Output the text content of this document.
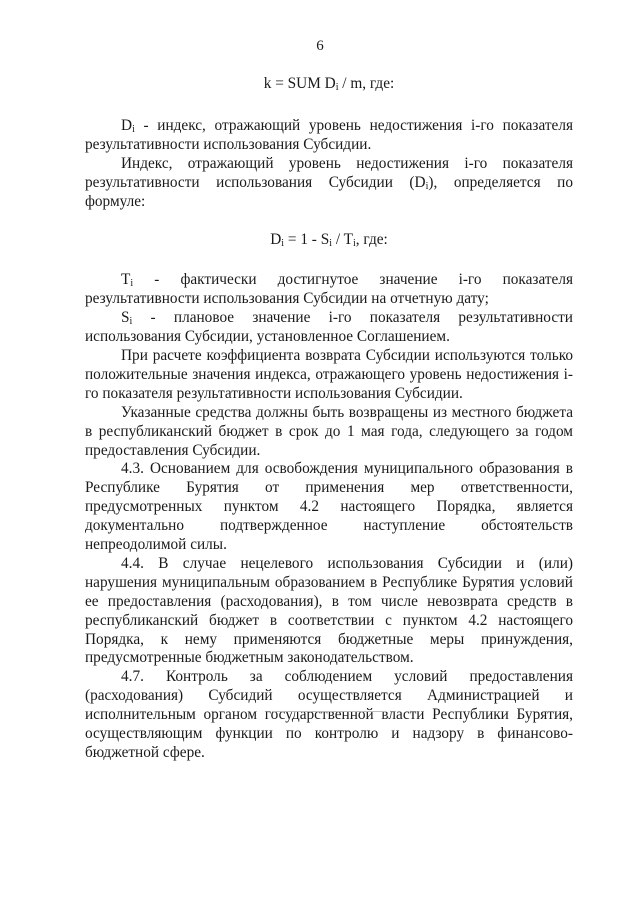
6
k = SUM $D_i$ / m, где:

$D_i$ - индекс, отражающий уровень недостижения i-го показателя результативности использования Субсидии.

Индекс, отражающий уровень недостижения i-го показателя результативности использования Субсидии $(D_i)$, определяется по формуле:

$D_i = 1 - S_i / T_i$, где:

$T_i$ - фактически достигнутое значение i-го показателя результативности использования Субсидии на отчетную дату;

$S_i$ - плановое значение i-го показателя результативности использования Субсидии, установленное Соглашением.

При расчете коэффициента возврата Субсидии используются только положительные значения индекса, отражающего уровень недостижения i-го показателя результативности использования Субсидии.

Указанные средства должны быть возвращены из местного бюджета в республиканский бюджет в срок до 1 мая года, следующего за годом предоставления Субсидии.

4.3. Основанием для освобождения муниципального образования в Республике Бурятия от применения мер ответственности, предусмотренных пунктом 4.2 настоящего Порядка, является документально подтвержденное наступление обстоятельств непреодолимой силы.

4.4. В случае нецелевого использования Субсидии и (или) нарушения муниципальным образованием в Республике Бурятия условий ее предоставления (расходования), в том числе невозврата средств в республиканский бюджет в соответствии с пунктом 4.2 настоящего Порядка, к нему применяются бюджетные меры принуждения, предусмотренные бюджетным законодательством.

4.7. Контроль за соблюдением условий предоставления (расходования) Субсидий осуществляется Администрацией и исполнительным органом государственной власти Республики Бурятия, осуществляющим функции по контролю и надзору в финансово-бюджетной сфере.
